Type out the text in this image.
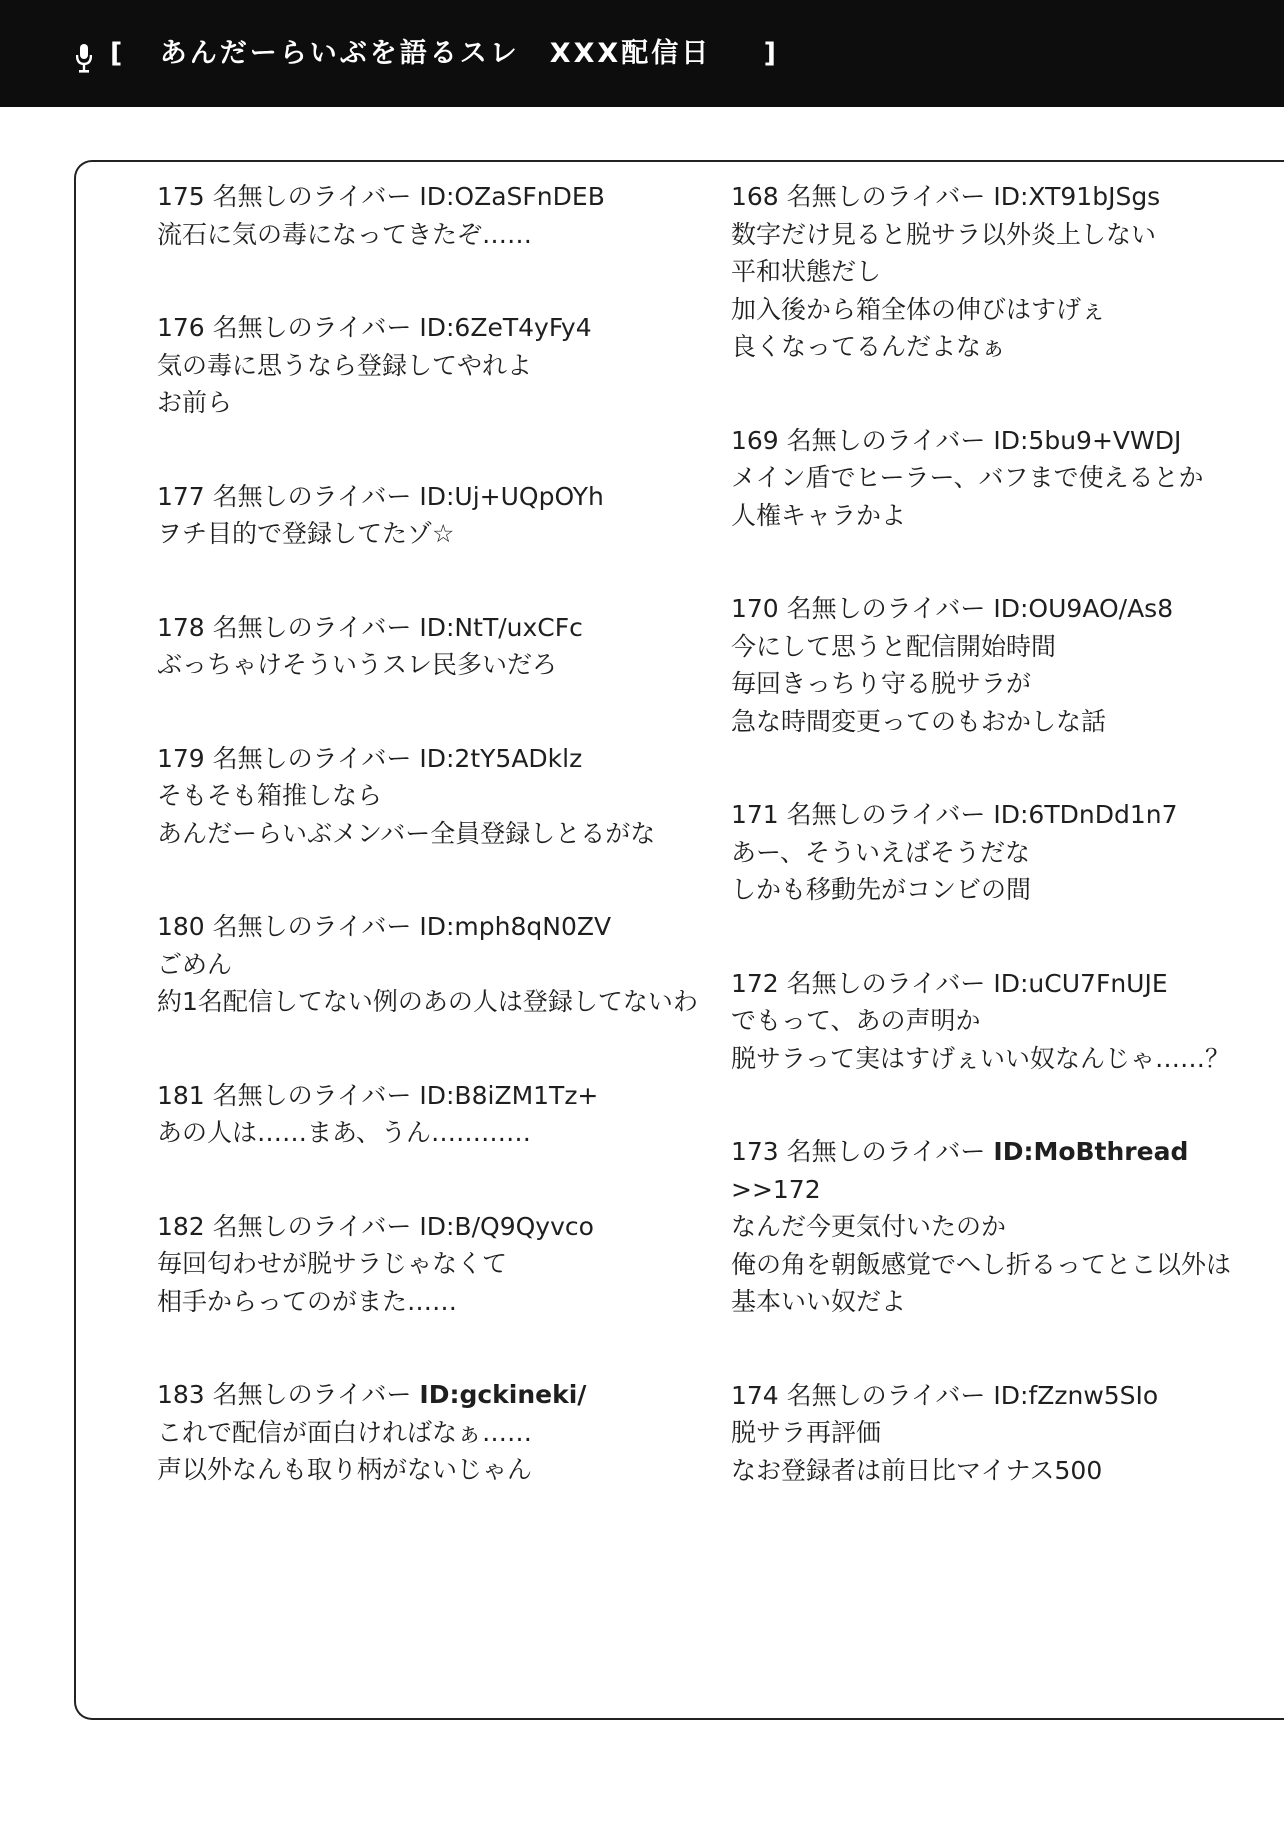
[ あんだーらいぶを語るスレ　XXX配信日 ]

175 名無しのライバー ID:OZaSFnDEB

流石に気の毒になってきたぞ……

176 名無しのライバー ID:6ZeT4yFy4

気の毒に思うなら登録してやれよ

お前ら

177 名無しのライバー ID:Uj+UQpOYh

ヲチ目的で登録してたゾ☆

178 名無しのライバー ID:NtT/uxCFc

ぶっちゃけそういうスレ民多いだろ

179 名無しのライバー ID:2tY5ADklz

そもそも箱推しなら

あんだーらいぶメンバー全員登録しとるがな

180 名無しのライバー ID:mph8qN0ZV

ごめん

約1名配信してない例のあの人は登録してないわ

181 名無しのライバー ID:B8iZM1Tz+

あの人は……まあ、うん…………

182 名無しのライバー ID:B/Q9Qyvco

毎回匂わせが脱サラじゃなくて

相手からってのがまた……

183 名無しのライバー ID:gckineki/

これで配信が面白ければなぁ……

声以外なんも取り柄がないじゃん

168 名無しのライバー ID:XT91bJSgs

数字だけ見ると脱サラ以外炎上しない

平和状態だし

加入後から箱全体の伸びはすげぇ

良くなってるんだよなぁ

169 名無しのライバー ID:5bu9+VWDJ

メイン盾でヒーラー、バフまで使えるとか

人権キャラかよ

170 名無しのライバー ID:OU9AO/As8

今にして思うと配信開始時間

毎回きっちり守る脱サラが

急な時間変更ってのもおかしな話

171 名無しのライバー ID:6TDnDd1n7

あー、そういえばそうだな

しかも移動先がコンビの間

172 名無しのライバー ID:uCU7FnUJE

でもって、あの声明か

脱サラって実はすげぇいい奴なんじゃ……？

173 名無しのライバー ID:MoBthread

>>172

なんだ今更気付いたのか

俺の角を朝飯感覚でへし折るってとこ以外は

基本いい奴だよ

174 名無しのライバー ID:fZznw5SIo

脱サラ再評価

なお登録者は前日比マイナス500
